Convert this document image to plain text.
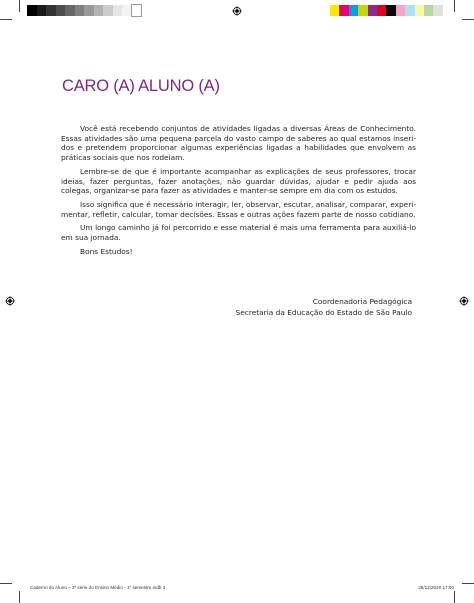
CARO (A) ALUNO (A)

Você está recebendo conjuntos de atividades ligadas a diversas Áreas de Conhecimento. Essas atividades são uma pequena parcela do vasto campo de saberes ao qual estamos inseri-dos e pretendem proporcionar algumas experiências ligadas a habilidades que envolvem as práticas sociais que nos rodeiam.

Lembre-se de que é importante acompanhar as explicações de seus professores, trocar ideias, fazer perguntas, fazer anotações, não guardar dúvidas, ajudar e pedir ajuda aos colegas, organizar-se para fazer as atividades e manter-se sempre em dia com os estudos.

Isso significa que é necessário interagir, ler, observar, escutar, analisar, comparar, experi-mentar, refletir, calcular, tomar decisões. Essas e outras ações fazem parte de nosso cotidiano.

Um longo caminho já foi percorrido e esse material é mais uma ferramenta para auxiliá-lo em sua jornada.

Bons Estudos!

Coordenadoria Pedagógica
Secretaria da Educação do Estado de São Paulo
Caderno do Aluno – 3ª série do Ensino Médio - 1º semestre.indb 3	28/12/2020 17:00
